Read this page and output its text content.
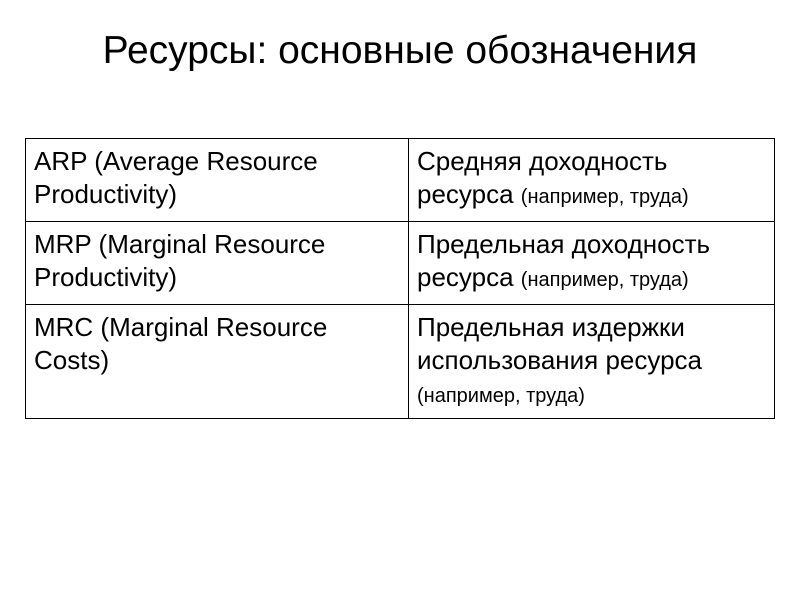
Ресурсы: основные обозначения
ARP (Average Resource Productivity)	Средняя доходность ресурса (например, труда)
MRP (Marginal Resource Productivity)	Предельная доходность ресурса (например, труда)
MRC (Marginal Resource Costs)	Предельная издержки использования ресурса (например, труда)
